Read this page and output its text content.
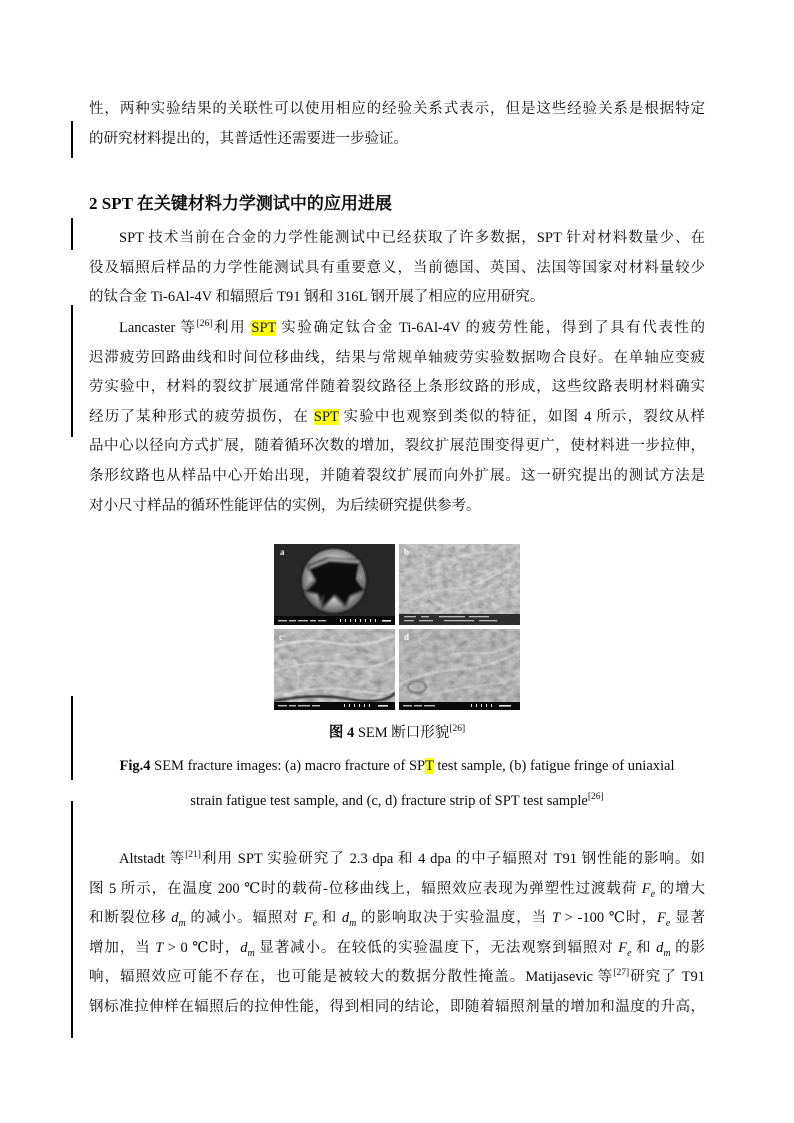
性，两种实验结果的关联性可以使用相应的经验关系式表示，但是这些经验关系是根据特定
的研究材料提出的，其普适性还需要进一步验证。
2 SPT 在关键材料力学测试中的应用进展
SPT 技术当前在合金的力学性能测试中已经获取了许多数据，SPT 针对材料数量少、在
役及辐照后样品的力学性能测试具有重要意义，当前德国、英国、法国等国家对材料量较少
的钛合金 Ti-6Al-4V 和辐照后 T91 钢和 316L 钢开展了相应的应用研究。
Lancaster 等[26]利用 SPT 实验确定钛合金 Ti-6Al-4V 的疲劳性能，得到了具有代表性的
迟滞疲劳回路曲线和时间位移曲线，结果与常规单轴疲劳实验数据吻合良好。在单轴应变疲
劳实验中，材料的裂纹扩展通常伴随着裂纹路径上条形纹路的形成，这些纹路表明材料确实
经历了某种形式的疲劳损伤，在 SPT 实验中也观察到类似的特征，如图 4 所示，裂纹从样
品中心以径向方式扩展，随着循环次数的增加，裂纹扩展范围变得更广，使材料进一步拉伸，
条形纹路也从样品中心开始出现，并随着裂纹扩展而向外扩展。这一研究提出的测试方法是
对小尺寸样品的循环性能评估的实例，为后续研究提供参考。
a	b
c	d
图 4 SEM 断口形貌[26]
Fig.4 SEM fracture images: (a) macro fracture of SPT test sample, (b) fatigue fringe of uniaxial
strain fatigue test sample, and (c, d) fracture strip of SPT test sample[26]
Altstadt 等[21]利用 SPT 实验研究了 2.3 dpa 和 4 dpa 的中子辐照对 T91 钢性能的影响。如
图 5 所示，在温度 200 ℃时的载荷-位移曲线上，辐照效应表现为弹塑性过渡载荷 $F_e$ 的增大
和断裂位移 $d_m$ 的减小。辐照对 $F_e$ 和 $d_m$ 的影响取决于实验温度，当 T > -100 ℃时，$F_e$ 显著
增加，当 T > 0 ℃时，$d_m$ 显著减小。在较低的实验温度下，无法观察到辐照对 $F_e$ 和 $d_m$ 的影
响，辐照效应可能不存在，也可能是被较大的数据分散性掩盖。Matijasevic 等[27]研究了 T91
钢标准拉伸样在辐照后的拉伸性能，得到相同的结论，即随着辐照剂量的增加和温度的升高，
